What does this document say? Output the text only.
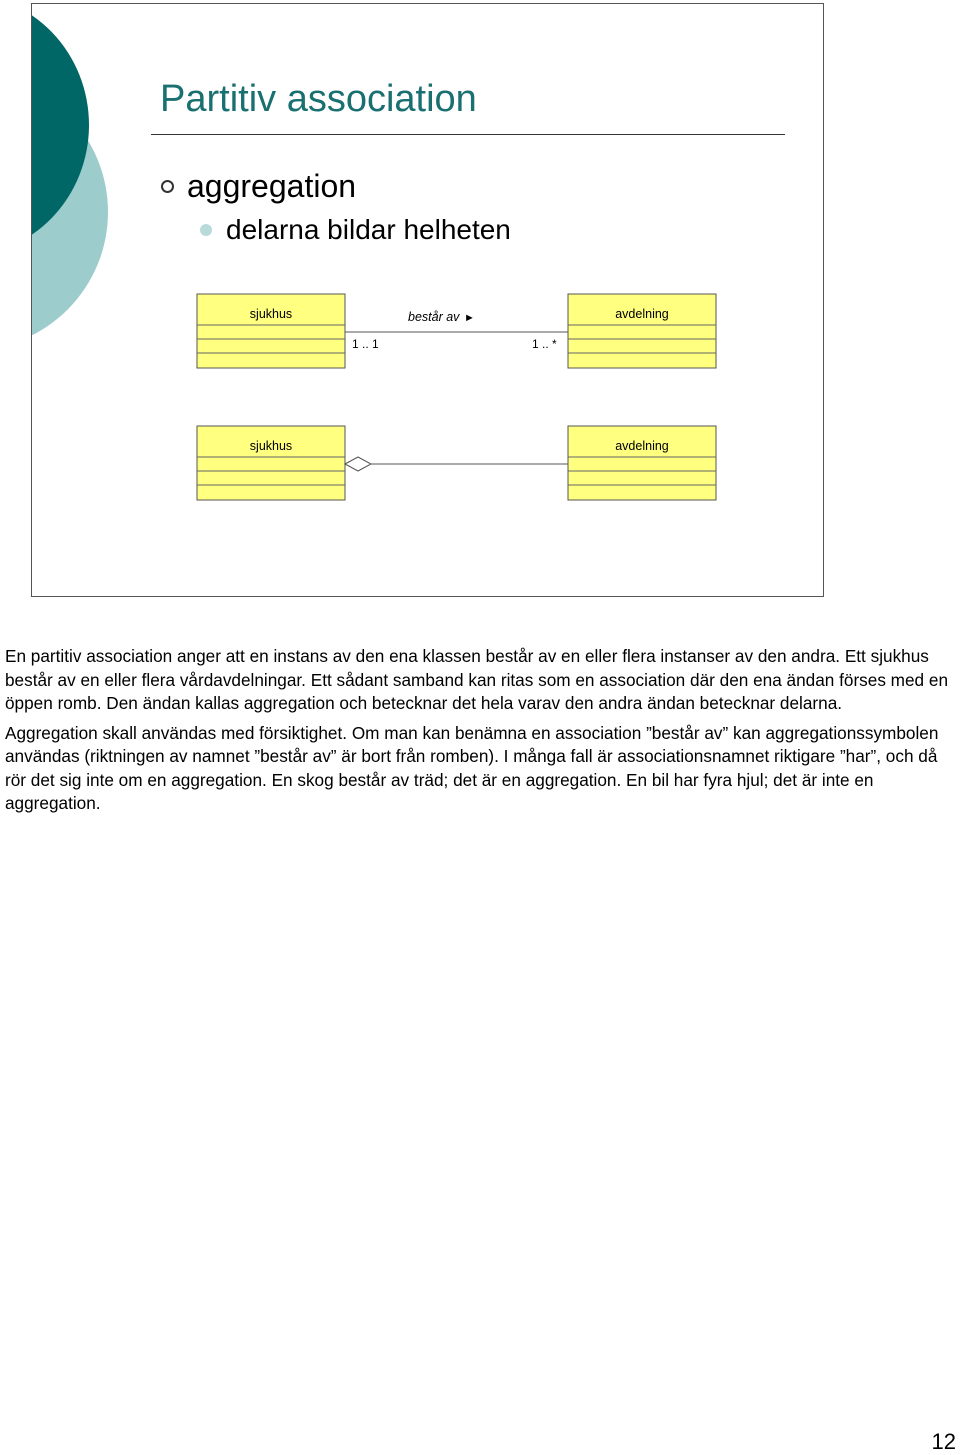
Partitiv association
aggregation
delarna bildar helheten
sjukhus	avdelning
består av ►
1 .. 1	1 .. *
sjukhus	avdelning

En partitiv association anger att en instans av den ena klassen består av en eller flera instanser av den andra. Ett sjukhus består av en eller flera vårdavdelningar. Ett sådant samband kan ritas som en association där den ena ändan förses med en öppen romb. Den ändan kallas aggregation och betecknar det hela varav den andra ändan betecknar delarna.

Aggregation skall användas med försiktighet. Om man kan benämna en association ”består av” kan aggregationssymbolen användas (riktningen av namnet ”består av” är bort från romben). I många fall är associationsnamnet riktigare ”har”, och då rör det sig inte om en aggregation. En skog består av träd; det är en aggregation. En bil har fyra hjul; det är inte en aggregation.

12
